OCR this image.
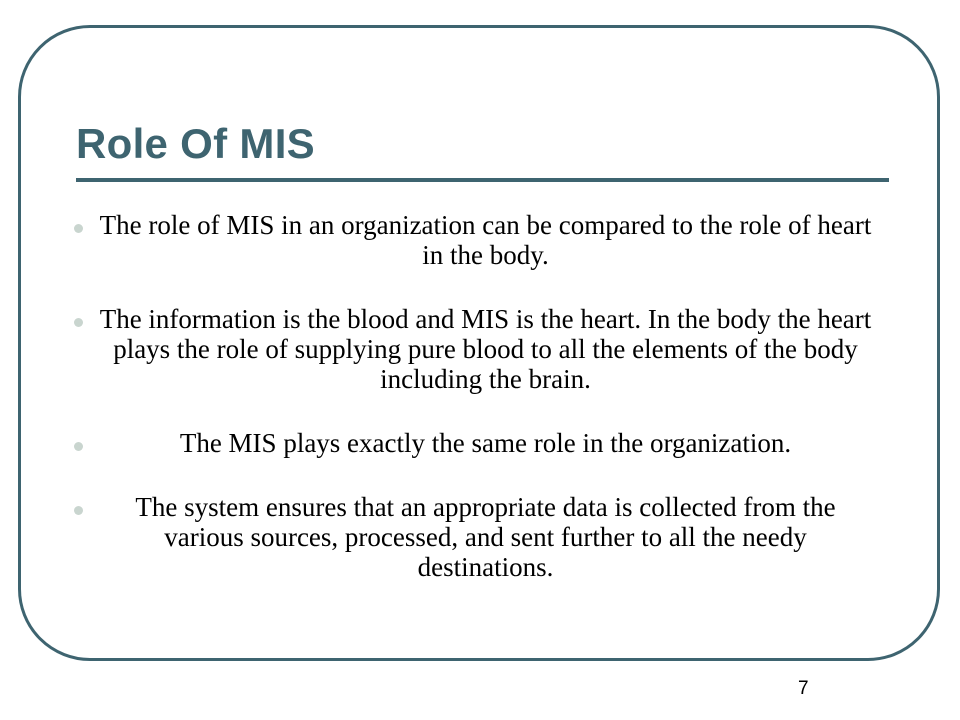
Role Of MIS
The role of MIS in an organization can be compared to the role of heart in the body.
The information is the blood and MIS is the heart. In the body the heart plays the role of supplying pure blood to all the elements of the body including the brain.
The MIS plays exactly the same role in the organization.
The system ensures that an appropriate data is collected from the various sources, processed, and sent further to all the needy destinations.
7
